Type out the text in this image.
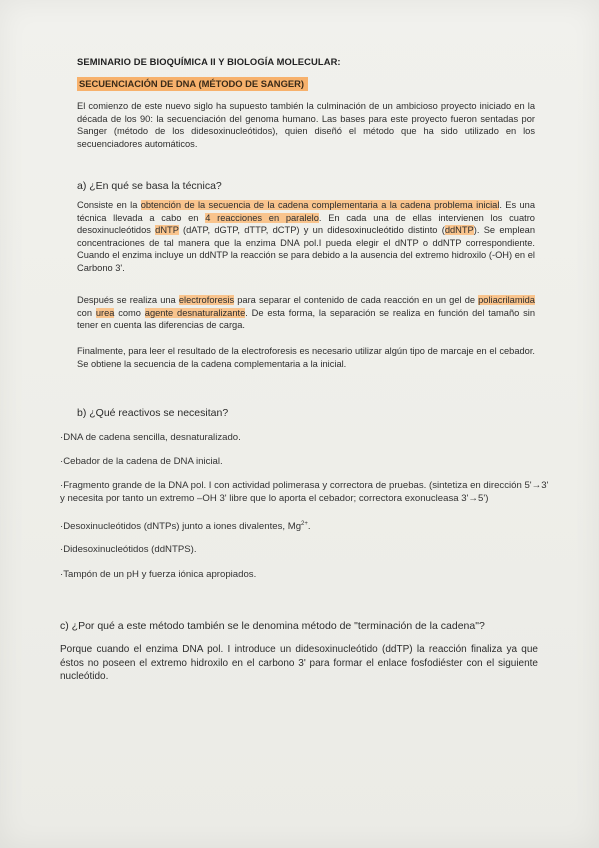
SEMINARIO DE BIOQUÍMICA II Y BIOLOGÍA MOLECULAR:
SECUENCIACIÓN DE DNA (MÉTODO DE SANGER)

El comienzo de este nuevo siglo ha supuesto también la culminación de un ambicioso proyecto iniciado en la década de los 90: la secuenciación del genoma humano. Las bases para este proyecto fueron sentadas por Sanger (método de los didesoxinucleótidos), quien diseñó el método que ha sido utilizado en los secuenciadores automáticos.

a) ¿En qué se basa la técnica?

Consiste en la obtención de la secuencia de la cadena complementaria a la cadena problema inicial. Es una técnica llevada a cabo en 4 reacciones en paralelo. En cada una de ellas intervienen los cuatro desoxinucleótidos dNTP (dATP, dGTP, dTTP, dCTP) y un didesoxinucleótido distinto (ddNTP). Se emplean concentraciones de tal manera que la enzima DNA pol.I pueda elegir el dNTP o ddNTP correspondiente. Cuando el enzima incluye un ddNTP la reacción se para debido a la ausencia del extremo hidroxilo (-OH) en el Carbono 3'.

Después se realiza una electroforesis para separar el contenido de cada reacción en un gel de poliacrilamida con urea como agente desnaturalizante. De esta forma, la separación se realiza en función del tamaño sin tener en cuenta las diferencias de carga.

Finalmente, para leer el resultado de la electroforesis es necesario utilizar algún tipo de marcaje en el cebador. Se obtiene la secuencia de la cadena complementaria a la inicial.

b) ¿Qué reactivos se necesitan?
·DNA de cadena sencilla, desnaturalizado.
·Cebador de la cadena de DNA inicial.
·Fragmento grande de la DNA pol. I con actividad polimerasa y correctora de pruebas. (sintetiza en dirección 5'→3' y necesita por tanto un extremo –OH 3' libre que lo aporta el cebador; correctora exonucleasa 3'→5')
·Desoxinucleótidos (dNTPs) junto a iones divalentes, $Mg^{2+}$.
·Didesoxinucleótidos (ddNTPS).
·Tampón de un pH y fuerza iónica apropiados.
c) ¿Por qué a este método también se le denomina método de "terminación de la cadena"?

Porque cuando el enzima DNA pol. I introduce un didesoxinucleótido (ddTP) la reacción finaliza ya que éstos no poseen el extremo hidroxilo en el carbono 3' para formar el enlace fosfodiéster con el siguiente nucleótido.
